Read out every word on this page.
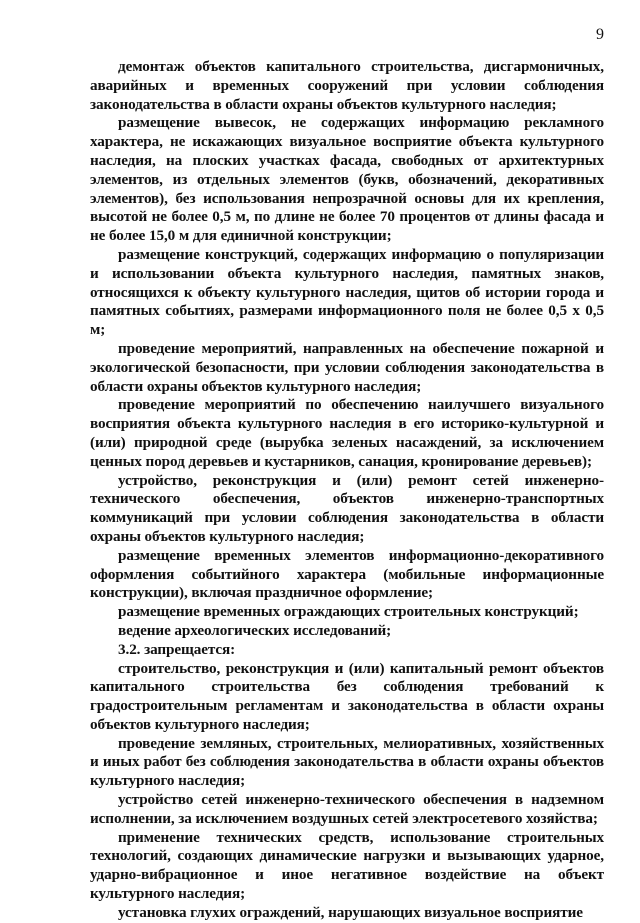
9

демонтаж объектов капитального строительства, дисгармоничных, аварийных и временных сооружений при условии соблюдения законодательства в области охраны объектов культурного наследия;

размещение вывесок, не содержащих информацию рекламного характера, не искажающих визуальное восприятие объекта культурного наследия, на плоских участках фасада, свободных от архитектурных элементов, из отдельных элементов (букв, обозначений, декоративных элементов), без использования непрозрачной основы для их крепления, высотой не более 0,5 м, по длине не более 70 процентов от длины фасада и не более 15,0 м для единичной конструкции;

размещение конструкций, содержащих информацию о популяризации и использовании объекта культурного наследия, памятных знаков, относящихся к объекту культурного наследия, щитов об истории города и памятных событиях, размерами информационного поля не более 0,5 х 0,5 м;

проведение мероприятий, направленных на обеспечение пожарной и экологической безопасности, при условии соблюдения законодательства в области охраны объектов культурного наследия;

проведение мероприятий по обеспечению наилучшего визуального восприятия объекта культурного наследия в его историко-культурной и (или) природной среде (вырубка зеленых насаждений, за исключением ценных пород деревьев и кустарников, санация, кронирование деревьев);

устройство, реконструкция и (или) ремонт сетей инженерно-технического обеспечения, объектов инженерно-транспортных коммуникаций при условии соблюдения законодательства в области охраны объектов культурного наследия;

размещение временных элементов информационно-декоративного оформления событийного характера (мобильные информационные конструкции), включая праздничное оформление;

размещение временных ограждающих строительных конструкций;

ведение археологических исследований;

3.2. запрещается:

строительство, реконструкция и (или) капитальный ремонт объектов капитального строительства без соблюдения требований к градостроительным регламентам и законодательства в области охраны объектов культурного наследия;

проведение земляных, строительных, мелиоративных, хозяйственных и иных работ без соблюдения законодательства в области охраны объектов культурного наследия;

устройство сетей инженерно-технического обеспечения в надземном исполнении, за исключением воздушных сетей электросетевого хозяйства;

применение технических средств, использование строительных технологий, создающих динамические нагрузки и вызывающих ударное, ударно-вибрационное и иное негативное воздействие на объект культурного наследия;

установка глухих ограждений, нарушающих визуальное восприятие
